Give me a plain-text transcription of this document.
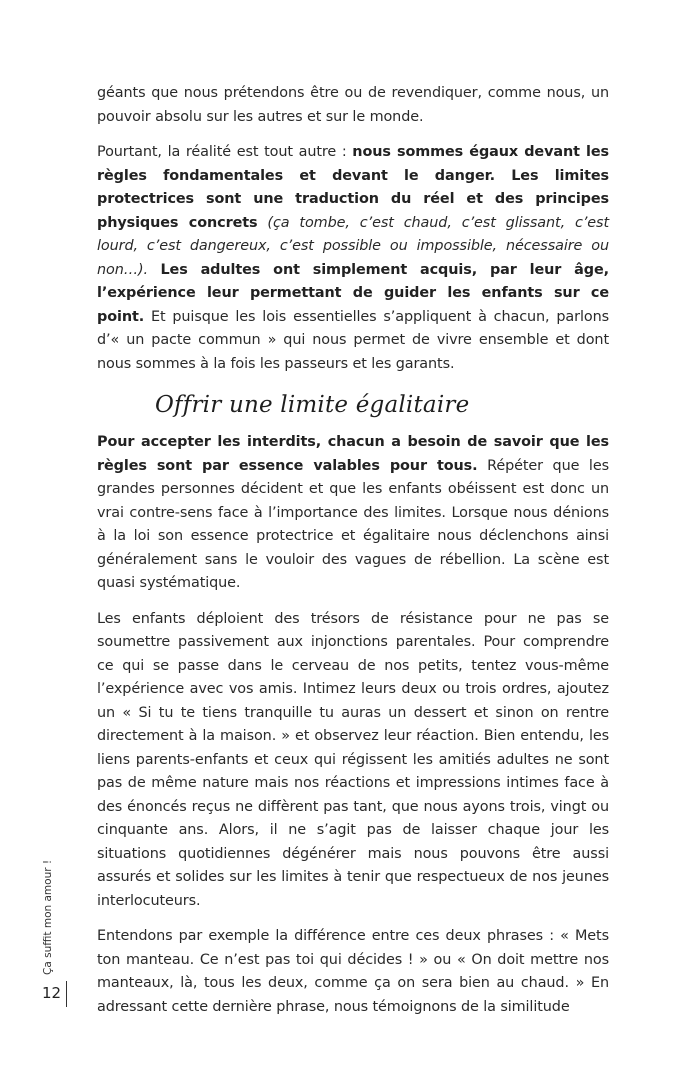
géants que nous prétendons être ou de revendiquer, comme nous, un pouvoir absolu sur les autres et sur le monde.

Pourtant, la réalité est tout autre : nous sommes égaux devant les règles fondamentales et devant le danger. Les limites protectrices sont une traduction du réel et des principes physiques concrets (ça tombe, c’est chaud, c’est glissant, c’est lourd, c’est dangereux, c’est possible ou impossible, nécessaire ou non…). Les adultes ont simplement acquis, par leur âge, l’expérience leur permettant de guider les enfants sur ce point. Et puisque les lois essentielles s’appliquent à chacun, parlons d’« un pacte commun » qui nous permet de vivre ensemble et dont nous sommes à la fois les passeurs et les garants.

Offrir une limite égalitaire

Pour accepter les interdits, chacun a besoin de savoir que les règles sont par essence valables pour tous. Répéter que les grandes personnes décident et que les enfants obéissent est donc un vrai contre-sens face à l’importance des limites. Lorsque nous dénions à la loi son essence protectrice et égalitaire nous déclenchons ainsi généralement sans le vouloir des vagues de rébellion. La scène est quasi systématique.

Les enfants déploient des trésors de résistance pour ne pas se soumettre passivement aux injonctions parentales. Pour comprendre ce qui se passe dans le cerveau de nos petits, tentez vous-même l’expérience avec vos amis. Intimez leurs deux ou trois ordres, ajoutez un « Si tu te tiens tranquille tu auras un dessert et sinon on rentre directement à la maison. » et observez leur réaction. Bien entendu, les liens parents-enfants et ceux qui régissent les amitiés adultes ne sont pas de même nature mais nos réactions et impressions intimes face à des énoncés reçus ne diffèrent pas tant, que nous ayons trois, vingt ou cinquante ans. Alors, il ne s’agit pas de laisser chaque jour les situations quotidiennes dégénérer mais nous pouvons être aussi assurés et solides sur les limites à tenir que respectueux de nos jeunes interlocuteurs.

Entendons par exemple la différence entre ces deux phrases : « Mets ton manteau. Ce n’est pas toi qui décides ! » ou « On doit mettre nos manteaux, là, tous les deux, comme ça on sera bien au chaud. » En adressant cette dernière phrase, nous témoignons de la similitude

Ça suffit mon amour !
12
